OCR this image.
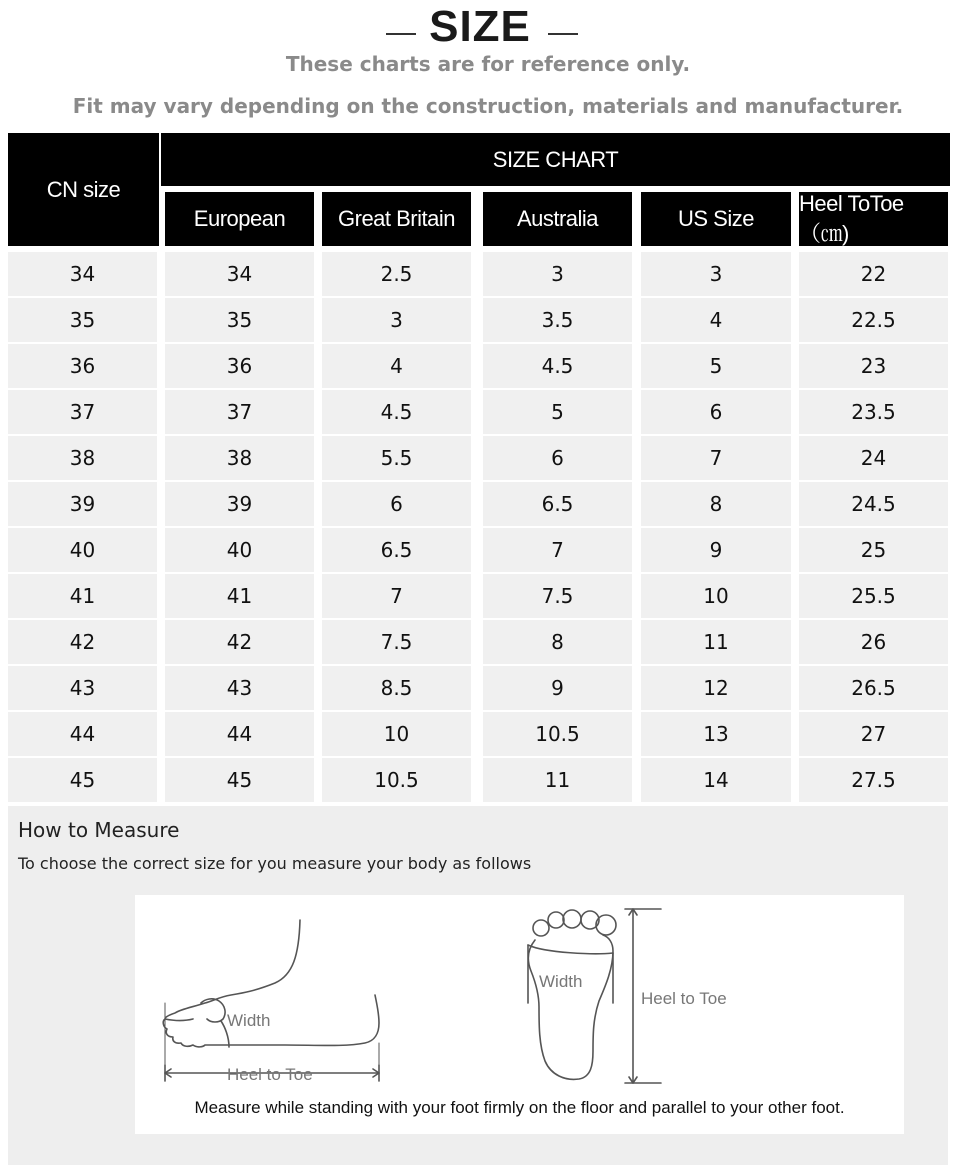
SIZE
These charts are for reference only.
Fit may vary depending on the construction, materials and manufacturer.
SIZE CHART
CN size
European	Great Britain	Australia	US Size
Heel ToToe（㎝)
34	34	2.5	3	3	22
35	35	3	3.5	4	22.5
36	36	4	4.5	5	23
37	37	4.5	5	6	23.5
38	38	5.5	6	7	24
39	39	6	6.5	8	24.5
40	40	6.5	7	9	25
41	41	7	7.5	10	25.5
42	42	7.5	8	11	26
43	43	8.5	9	12	26.5
44	44	10	10.5	13	27
45	45	10.5	11	14	27.5
How to Measure
To choose the correct size for you measure your body as follows
Width
Heel to Toe
Width
Heel to Toe
Measure while standing with your foot firmly on the floor and parallel to your other foot.
